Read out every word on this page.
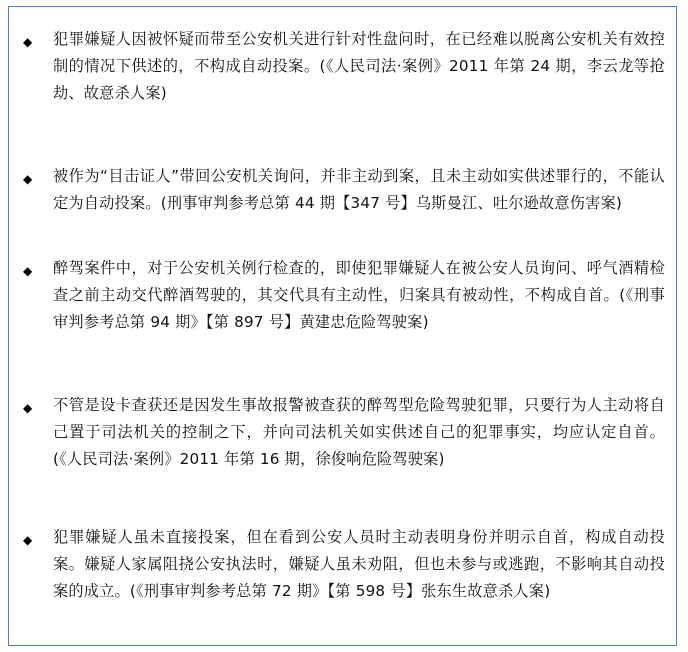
◆ 犯罪嫌疑人因被怀疑而带至公安机关进行针对性盘问时，在已经难以脱离公安机关有效控制的情况下供述的，不构成自动投案。(《人民司法·案例》2011 年第 24 期，李云龙等抢劫、故意杀人案)
◆ 被作为“目击证人”带回公安机关询问，并非主动到案，且未主动如实供述罪行的，不能认定为自动投案。(刑事审判参考总第 44 期【347 号】乌斯曼江、吐尔逊故意伤害案)
◆ 醉驾案件中，对于公安机关例行检查的，即使犯罪嫌疑人在被公安人员询问、呼气酒精检查之前主动交代醉酒驾驶的，其交代具有主动性，归案具有被动性，不构成自首。(《刑事审判参考总第 94 期》【第 897 号】黄建忠危险驾驶案)
◆ 不管是设卡查获还是因发生事故报警被查获的醉驾型危险驾驶犯罪，只要行为人主动将自己置于司法机关的控制之下，并向司法机关如实供述自己的犯罪事实，均应认定自首。(《人民司法·案例》2011 年第 16 期，徐俊响危险驾驶案)
◆ 犯罪嫌疑人虽未直接投案，但在看到公安人员时主动表明身份并明示自首，构成自动投案。嫌疑人家属阻挠公安执法时，嫌疑人虽未劝阻，但也未参与或逃跑，不影响其自动投案的成立。(《刑事审判参考总第 72 期》【第 598 号】张东生故意杀人案)
